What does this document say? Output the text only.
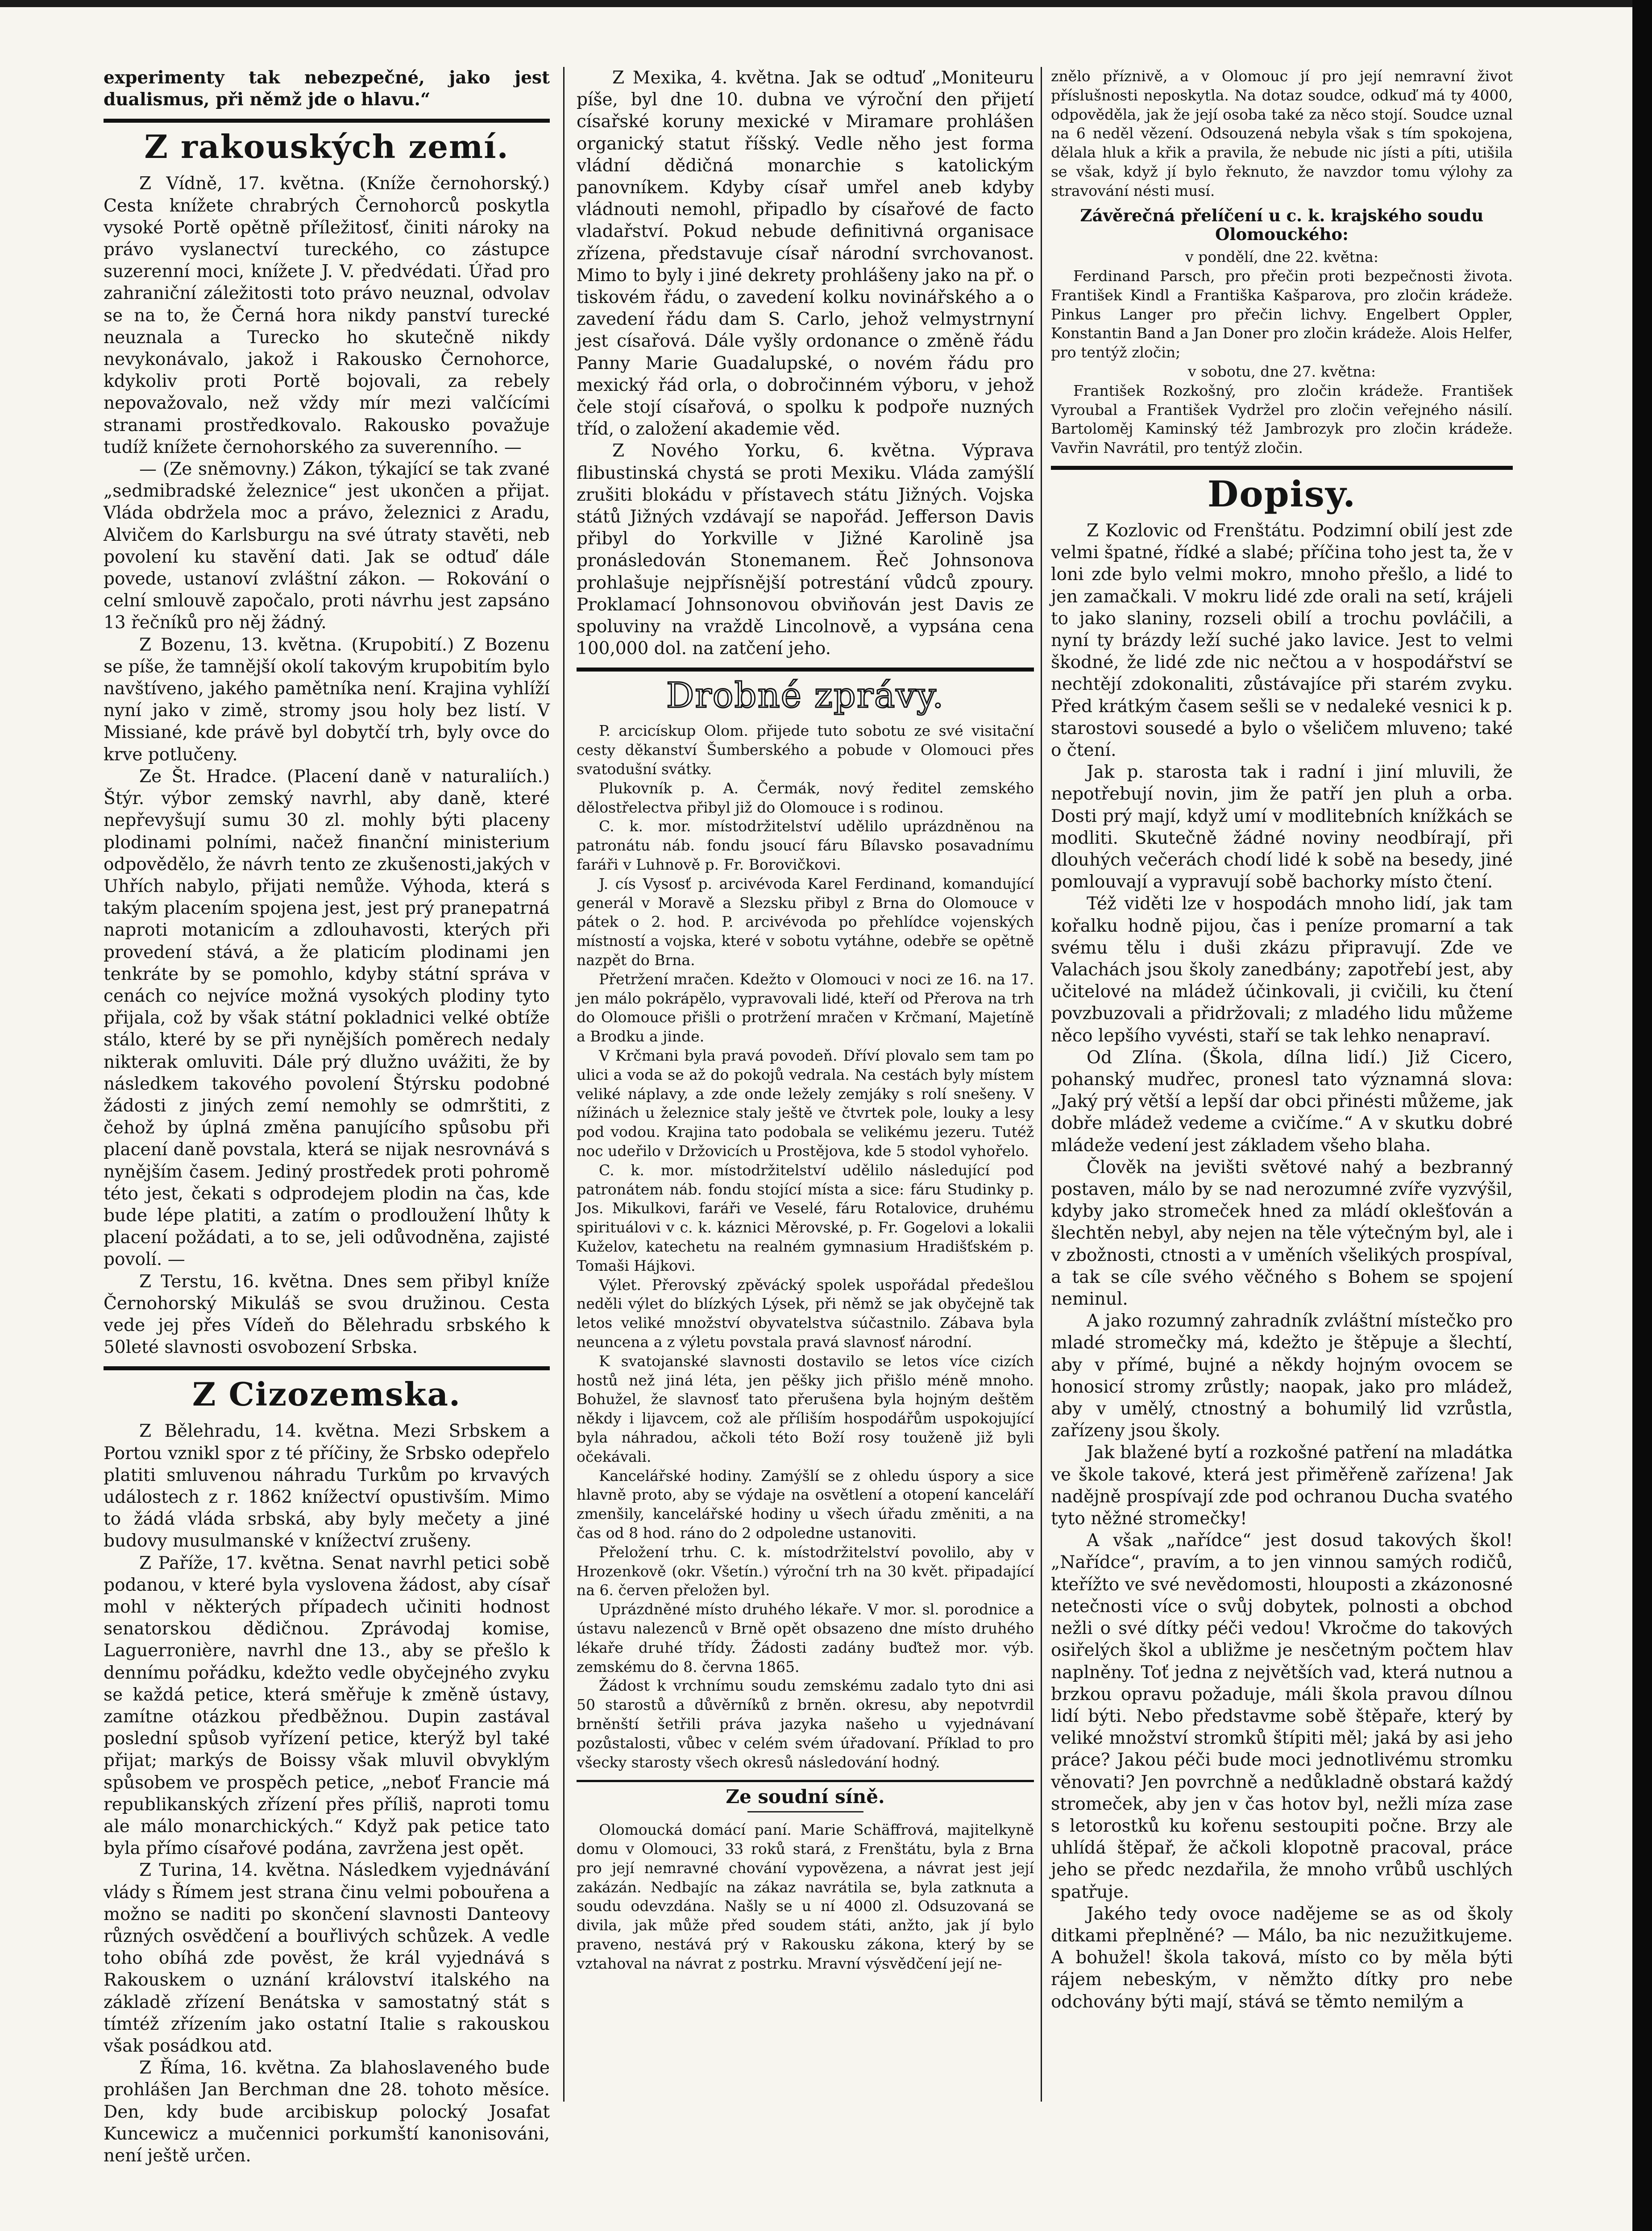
experimenty tak nebezpečné, jako jest dualismus, při němž jde o hlavu.“

Z rakouských zemí.

Z Vídně, 17. května. (Kníže černohorský.) Cesta knížete chrabrých Černohorců poskytla vysoké Portě opětně příležitosť, činiti nároky na právo vyslanectví tureckého, co zástupce suzerenní moci, knížete J. V. předvédati. Úřad pro zahraniční záležitosti toto právo neuznal, odvolav se na to, že Černá hora nikdy panství turecké neuznala a Turecko ho skutečně nikdy nevykonávalo, jakož i Rakousko Černohorce, kdykoliv proti Portě bojovali, za rebely nepovažovalo, než vždy mír mezi valčícími stranami prostředkovalo. Rakousko považuje tudíž knížete černohorského za suverenního. —

— (Ze sněmovny.) Zákon, týkající se tak zvané „sedmibradské železnice“ jest ukončen a přijat. Vláda obdržela moc a právo, železnici z Aradu, Alvičem do Karlsburgu na své útraty stavěti, neb povolení ku stavění dati. Jak se odtuď dále povede, ustanoví zvláštní zákon. — Rokování o celní smlouvě započalo, proti návrhu jest zapsáno 13 řečníků pro něj žádný.

Z Bozenu, 13. května. (Krupobití.) Z Bozenu se píše, že tamnější okolí takovým krupobitím bylo navštíveno, jakého pamětníka není. Krajina vyhlíží nyní jako v zimě, stromy jsou holy bez listí. V Missiané, kde právě byl dobytčí trh, byly ovce do krve potlučeny.

Ze Št. Hradce. (Placení daně v naturaliích.) Štýr. výbor zemský navrhl, aby daně, které nepřevyšují sumu 30 zl. mohly býti placeny plodinami polními, načež finanční ministerium odpovědělo, že návrh tento ze zkušenosti,jakých v Uhřích nabylo, přijati nemůže. Výhoda, která s takým placením spojena jest, jest prý pranepatrná naproti motanicím a zdlouhavosti, kterých při provedení stává, a že platicím plodinami jen tenkráte by se pomohlo, kdyby státní správa v cenách co nejvíce možná vysokých plodiny tyto přijala, což by však státní pokladnici velké obtíže stálo, které by se při nynějších poměrech nedaly nikterak omluviti. Dále prý dlužno uvážiti, že by následkem takového povolení Štýrsku podobné žádosti z jiných zemí nemohly se odmrštiti, z čehož by úplná změna panujícího spůsobu při placení daně povstala, která se nijak nesrovnává s nynějším časem. Jediný prostředek proti pohromě této jest, čekati s odprodejem plodin na čas, kde bude lépe platiti, a zatím o prodloužení lhůty k placení požádati, a to se, jeli odůvodněna, zajisté povolí. —

Z Terstu, 16. května. Dnes sem přibyl kníže Černohorský Mikuláš se svou družinou. Cesta vede jej přes Vídeň do Bělehradu srbského k 50leté slavnosti osvobození Srbska.

Z Cizozemska.

Z Bělehradu, 14. května. Mezi Srbskem a Portou vznikl spor z té příčiny, že Srbsko odepřelo platiti smluvenou náhradu Turkům po krvavých událostech z r. 1862 knížectví opustivším. Mimo to žádá vláda srbská, aby byly mečety a jiné budovy musulmanské v knížectví zrušeny.

Z Paříže, 17. května. Senat navrhl petici sobě podanou, v které byla vyslovena žádost, aby císař mohl v některých případech učiniti hodnost senatorskou dědičnou. Zprávodaj komise, Laguerronière, navrhl dne 13., aby se přešlo k dennímu pořádku, kdežto vedle obyčejného zvyku se každá petice, která směřuje k změně ústavy, zamítne otázkou předběžnou. Dupin zastával poslední spůsob vyřízení petice, kterýž byl také přijat; markýs de Boissy však mluvil obvyklým spůsobem ve prospěch petice, „neboť Francie má republikanských zřízení přes příliš, naproti tomu ale málo monarchických.“ Když pak petice tato byla přímo císařové podána, zavržena jest opět.

Z Turina, 14. května. Následkem vyjednávání vlády s Římem jest strana činu velmi pobouřena a možno se naditi po skončení slavnosti Danteovy různých osvědčení a bouřlivých schůzek. A vedle toho obíhá zde pověst, že král vyjednává s Rakouskem o uznání království italského na základě zřízení Benátska v samostatný stát s tímtéž zřízením jako ostatní Italie s rakouskou však posádkou atd.

Z Říma, 16. května. Za blahoslaveného bude prohlášen Jan Berchman dne 28. tohoto měsíce. Den, kdy bude arcibiskup polocký Josafat Kuncewicz a mučennici porkumští kanonisováni, není ještě určen.

Z Mexika, 4. května. Jak se odtuď „Moniteuru píše, byl dne 10. dubna ve výroční den přijetí císařské koruny mexické v Miramare prohlášen organický statut říšský. Vedle něho jest forma vládní dědičná monarchie s katolickým panovníkem. Kdyby císař umřel aneb kdyby vládnouti nemohl, připadlo by císařové de facto vladařství. Pokud nebude definitivná organisace zřízena, představuje císař národní svrchovanost. Mimo to byly i jiné dekrety prohlášeny jako na př. o tiskovém řádu, o zavedení kolku novinářského a o zavedení řádu dam S. Carlo, jehož velmystrnyní jest císařová. Dále vyšly ordonance o změně řádu Panny Marie Guadalupské, o novém řádu pro mexický řád orla, o dobročinném výboru, v jehož čele stojí císařová, o spolku k podpoře nuzných tříd, o založení akademie věd.

Z Nového Yorku, 6. května. Výprava flibustinská chystá se proti Mexiku. Vláda zamýšlí zrušiti blokádu v přístavech státu Jižných. Vojska států Jižných vzdávají se napořád. Jefferson Davis přibyl do Yorkville v Jižné Karolině jsa pronásledován Stonemanem. Řeč Johnsonova prohlašuje nejpřísnější potrestání vůdců zpoury. Proklamací Johnsonovou obviňován jest Davis ze spoluviny na vraždě Lincolnově, a vypsána cena 100,000 dol. na zatčení jeho.

Drobné zprávy.

P. arcicískup Olom. přijede tuto sobotu ze své visitační cesty děkanství Šumberského a pobude v Olomouci přes svatodušní svátky.

Plukovník p. A. Čermák, nový ředitel zemského dělostřelectva přibyl již do Olomouce i s rodinou.

C. k. mor. místodržitelství udělilo uprázdněnou na patronátu náb. fondu jsoucí fáru Bílavsko posavadnímu faráři v Luhnově p. Fr. Borovičkovi.

J. cís Vysosť p. arcivévoda Karel Ferdinand, komandující generál v Moravě a Slezsku přibyl z Brna do Olomouce v pátek o 2. hod. P. arcivévoda po přehlídce vojenských místností a vojska, které v sobotu vytáhne, odebře se opětně nazpět do Brna.

Přetržení mračen. Kdežto v Olomouci v noci ze 16. na 17. jen málo pokrápělo, vypravovali lidé, kteří od Přerova na trh do Olomouce přišli o protržení mračen v Krčmaní, Majetíně a Brodku a jinde.

V Krčmani byla pravá povodeň. Dříví plovalo sem tam po ulici a voda se až do pokojů vedrala. Na cestách byly místem veliké náplavy, a zde onde ležely zemjáky s rolí snešeny. V nížinách u železnice staly ještě ve čtvrtek pole, louky a lesy pod vodou. Krajina tato podobala se velikému jezeru. Tutéž noc udeřilo v Držovicích u Prostějova, kde 5 stodol vyhořelo.

C. k. mor. místodržitelství udělilo následující pod patronátem náb. fondu stojící místa a sice: fáru Studinky p. Jos. Mikulkovi, faráři ve Veselé, fáru Rotalovice, druhému spirituálovi v c. k. káznici Měrovské, p. Fr. Gogelovi a lokalii Kuželov, katechetu na realném gymnasium Hradišťském p. Tomaši Hájkovi.

Výlet. Přerovský zpěvácký spolek uspořádal předešlou neděli výlet do blízkých Lýsek, při němž se jak obyčejně tak letos veliké množství obyvatelstva súčastnilo. Zábava byla neuncena a z výletu povstala pravá slavnosť národní.

K svatojanské slavnosti dostavilo se letos více cizích hostů než jiná léta, jen pěšky jich přišlo méně mnoho. Bohužel, že slavnosť tato přerušena byla hojným deštěm někdy i lijavcem, což ale příliším hospodářům uspokojující byla náhradou, ačkoli této Boží rosy touženě již byli očekávali.

Kancelářské hodiny. Zamýšlí se z ohledu úspory a sice hlavně proto, aby se výdaje na osvětlení a otopení kanceláří zmenšily, kancelářské hodiny u všech úřadu změniti, a na čas od 8 hod. ráno do 2 odpoledne ustanoviti.

Přeložení trhu. C. k. místodržitelství povolilo, aby v Hrozenkově (okr. Všetín.) výroční trh na 30 květ. připadající na 6. červen přeložen byl.

Uprázdněné místo druhého lékaře. V mor. sl. porodnice a ústavu nalezenců v Brně opět obsazeno dne místo druhého lékaře druhé třídy. Žádosti zadány buďtež mor. výb. zemskému do 8. června 1865.

Žádost k vrchnímu soudu zemskému zadalo tyto dni asi 50 starostů a důvěrníků z brněn. okresu, aby nepotvrdil brněnští šetřili práva jazyka našeho u vyjednávaní pozůstalosti, vůbec v celém svém úřadovaní. Příklad to pro všecky starosty všech okresů následování hodný.

Ze soudní síně.

Olomoucká domácí paní. Marie Schäffrová, majitelkyně domu v Olomouci, 33 roků stará, z Frenštátu, byla z Brna pro její nemravné chování vypovězena, a návrat jest její zakázán. Nedbajíc na zákaz navrátila se, byla zatknuta a soudu odevzdána. Našly se u ní 4000 zl. Odsuzovaná se divila, jak může před soudem státi, anžto, jak jí bylo praveno, nestává prý v Rakousku zákona, který by se vztahoval na návrat z postrku. Mravní výsvědčení její ne-

znělo příznivě, a v Olomouc jí pro její nemravní život příslušnosti neposkytla. Na dotaz soudce, odkuď má ty 4000, odpověděla, jak že její osoba také za něco stojí. Soudce uznal na 6 neděl vězení. Odsouzená nebyla však s tím spokojena, dělala hluk a křik a pravila, že nebude nic jísti a píti, utišila se však, když jí bylo řeknuto, že navzdor tomu výlohy za stravování nésti musí.

Závěrečná přelíčení u c. k. krajského soudu Olomouckého:
v pondělí, dne 22. května:

Ferdinand Parsch, pro přečin proti bezpečnosti života. František Kindl a Františka Kašparova, pro zločin krádeže. Pinkus Langer pro přečin lichvy. Engelbert Oppler, Konstantin Band a Jan Doner pro zločin krádeže. Alois Helfer, pro tentýž zločin;

v sobotu, dne 27. května:

František Rozkošný, pro zločin krádeže. František Vyroubal a František Vydržel pro zločin veřejného násilí. Bartoloměj Kaminský též Jambrozyk pro zločin krádeže. Vavřin Navrátil, pro tentýž zločin.

Dopisy.

Z Kozlovic od Frenštátu. Podzimní obilí jest zde velmi špatné, řídké a slabé; příčina toho jest ta, že v loni zde bylo velmi mokro, mnoho přešlo, a lidé to jen zamačkali. V mokru lidé zde orali na setí, krájeli to jako slaniny, rozseli obilí a trochu povláčili, a nyní ty brázdy leží suché jako lavice. Jest to velmi škodné, že lidé zde nic nečtou a v hospodářství se nechtějí zdokonaliti, zůstávajíce při starém zvyku. Před krátkým časem sešli se v nedaleké vesnici k p. starostovi sousedé a bylo o všeličem mluveno; také o čtení.

Jak p. starosta tak i radní i jiní mluvili, že nepotřebují novin, jim že patří jen pluh a orba. Dosti prý mají, když umí v modlitebních knížkách se modliti. Skutečně žádné noviny neodbírají, při dlouhých večerách chodí lidé k sobě na besedy, jiné pomlouvají a vypravují sobě bachorky místo čtení.

Též viděti lze v hospodách mnoho lidí, jak tam kořalku hodně pijou, čas i peníze promarní a tak svému tělu i duši zkázu připravují. Zde ve Valachách jsou školy zanedbány; zapotřebí jest, aby učitelové na mládež účinkovali, ji cvičili, ku čtení povzbuzovali a přidržovali; z mladého lidu můžeme něco lepšího vyvésti, staří se tak lehko nenapraví.

Od Zlína. (Škola, dílna lidí.) Již Cicero, pohanský mudřec, pronesl tato významná slova: „Jaký prý větší a lepší dar obci přinésti můžeme, jak dobře mládež vedeme a cvičíme.“ A v skutku dobré mládeže vedení jest základem všeho blaha.

Člověk na jevišti světové nahý a bezbranný postaven, málo by se nad nerozumné zvíře vyzvýšil, kdyby jako stromeček hned za mládí oklešťován a šlechtěn nebyl, aby nejen na těle výtečným byl, ale i v zbožnosti, ctnosti a v uměních všelikých prospíval, a tak se cíle svého věčného s Bohem se spojení neminul.

A jako rozumný zahradník zvláštní místečko pro mladé stromečky má, kdežto je štěpuje a šlechtí, aby v přímé, bujné a někdy hojným ovocem se honosicí stromy zrůstly; naopak, jako pro mládež, aby v umělý, ctnostný a bohumilý lid vzrůstla, zařízeny jsou školy.

Jak blažené bytí a rozkošné patření na mladátka ve škole takové, která jest přiměřeně zařízena! Jak nadějně prospívají zde pod ochranou Ducha svatého tyto něžné stromečky!

A však „nařídce“ jest dosud takových škol! „Nařídce“, pravím, a to jen vinnou samých rodičů, kteřížto ve své nevědomosti, hlouposti a zkázonosné netečnosti více o svůj dobytek, polnosti a obchod nežli o své dítky péči vedou! Vkročme do takových osiřelých škol a ubližme je nesčetným počtem hlav naplněny. Toť jedna z největších vad, která nutnou a brzkou opravu požaduje, máli škola pravou dílnou lidí býti. Nebo představme sobě štěpaře, který by veliké množství stromků štípiti měl; jaká by asi jeho práce? Jakou péči bude moci jednotlivému stromku věnovati? Jen povrchně a nedůkladně obstará každý stromeček, aby jen v čas hotov byl, nežli míza zase s letorostků ku kořenu sestoupiti počne. Brzy ale uhlídá štěpař, že ačkoli klopotně pracoval, práce jeho se předc nezdařila, že mnoho vrůbů uschlých spatřuje.

Jakého tedy ovoce nadějeme se as od školy ditkami přeplněné? — Málo, ba nic nezužitkujeme. A bohužel! škola taková, místo co by měla býti rájem nebeským, v němžto dítky pro nebe odchovány býti mají, stává se těmto nemilým a
